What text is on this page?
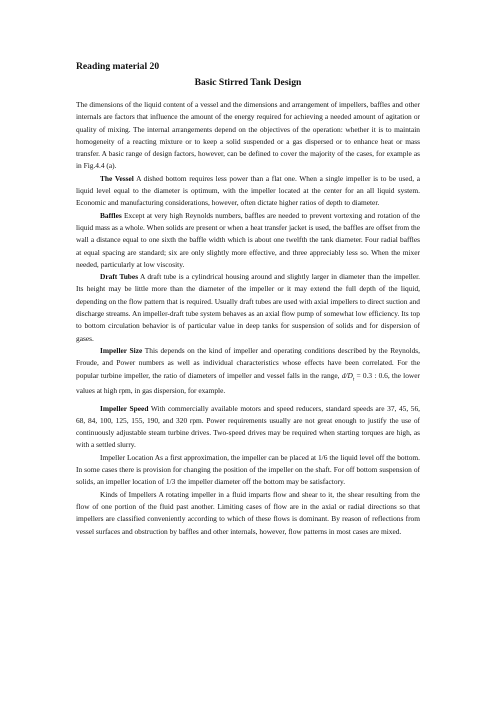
Reading material 20
Basic Stirred Tank Design

The dimensions of the liquid content of a vessel and the dimensions and arrangement of impellers, baffles and other internals are factors that influence the amount of the energy required for achieving a needed amount of agitation or quality of mixing. The internal arrangements depend on the objectives of the operation: whether it is to maintain homogeneity of a reacting mixture or to keep a solid suspended or a gas dispersed or to enhance heat or mass transfer. A basic range of design factors, however, can be defined to cover the majority of the cases, for example as in Fig.4.4 (a).

The Vessel A dished bottom requires less power than a flat one. When a single impeller is to be used, a liquid level equal to the diameter is optimum, with the impeller located at the center for an all liquid system. Economic and manufacturing considerations, however, often dictate higher ratios of depth to diameter.

Baffles Except at very high Reynolds numbers, baffles are needed to prevent vortexing and rotation of the liquid mass as a whole. When solids are present or when a heat transfer jacket is used, the baffles are offset from the wall a distance equal to one sixth the baffle width which is about one twelfth the tank diameter. Four radial baffles at equal spacing are standard; six are only slightly more effective, and three appreciably less so. When the mixer needed, particularly at low viscosity.

Draft Tubes A draft tube is a cylindrical housing around and slightly larger in diameter than the impeller. Its height may be little more than the diameter of the impeller or it may extend the full depth of the liquid, depending on the flow pattern that is required. Usually draft tubes are used with axial impellers to direct suction and discharge streams. An impeller-draft tube system behaves as an axial flow pump of somewhat low efficiency. Its top to bottom circulation behavior is of particular value in deep tanks for suspension of solids and for dispersion of gases.

Impeller Size This depends on the kind of impeller and operating conditions described by the Reynolds, Froude, and Power numbers as well as individual characteristics whose effects have been correlated. For the popular turbine impeller, the ratio of diameters of impeller and vessel falls in the range, $d/D_t = 0.3$ : 0.6, the lower values at high rpm, in gas dispersion, for example.

Impeller Speed With commercially available motors and speed reducers, standard speeds are 37, 45, 56, 68, 84, 100, 125, 155, 190, and 320 rpm. Power requirements usually are not great enough to justify the use of continuously adjustable steam turbine drives. Two-speed drives may be required when starting torques are high, as with a settled slurry.

Impeller Location As a first approximation, the impeller can be placed at 1/6 the liquid level off the bottom. In some cases there is provision for changing the position of the impeller on the shaft. For off bottom suspension of solids, an impeller location of 1/3 the impeller diameter off the bottom may be satisfactory.

Kinds of Impellers A rotating impeller in a fluid imparts flow and shear to it, the shear resulting from the flow of one portion of the fluid past another. Limiting cases of flow are in the axial or radial directions so that impellers are classified conveniently according to which of these flows is dominant. By reason of reflections from vessel surfaces and obstruction by baffles and other internals, however, flow patterns in most cases are mixed.
